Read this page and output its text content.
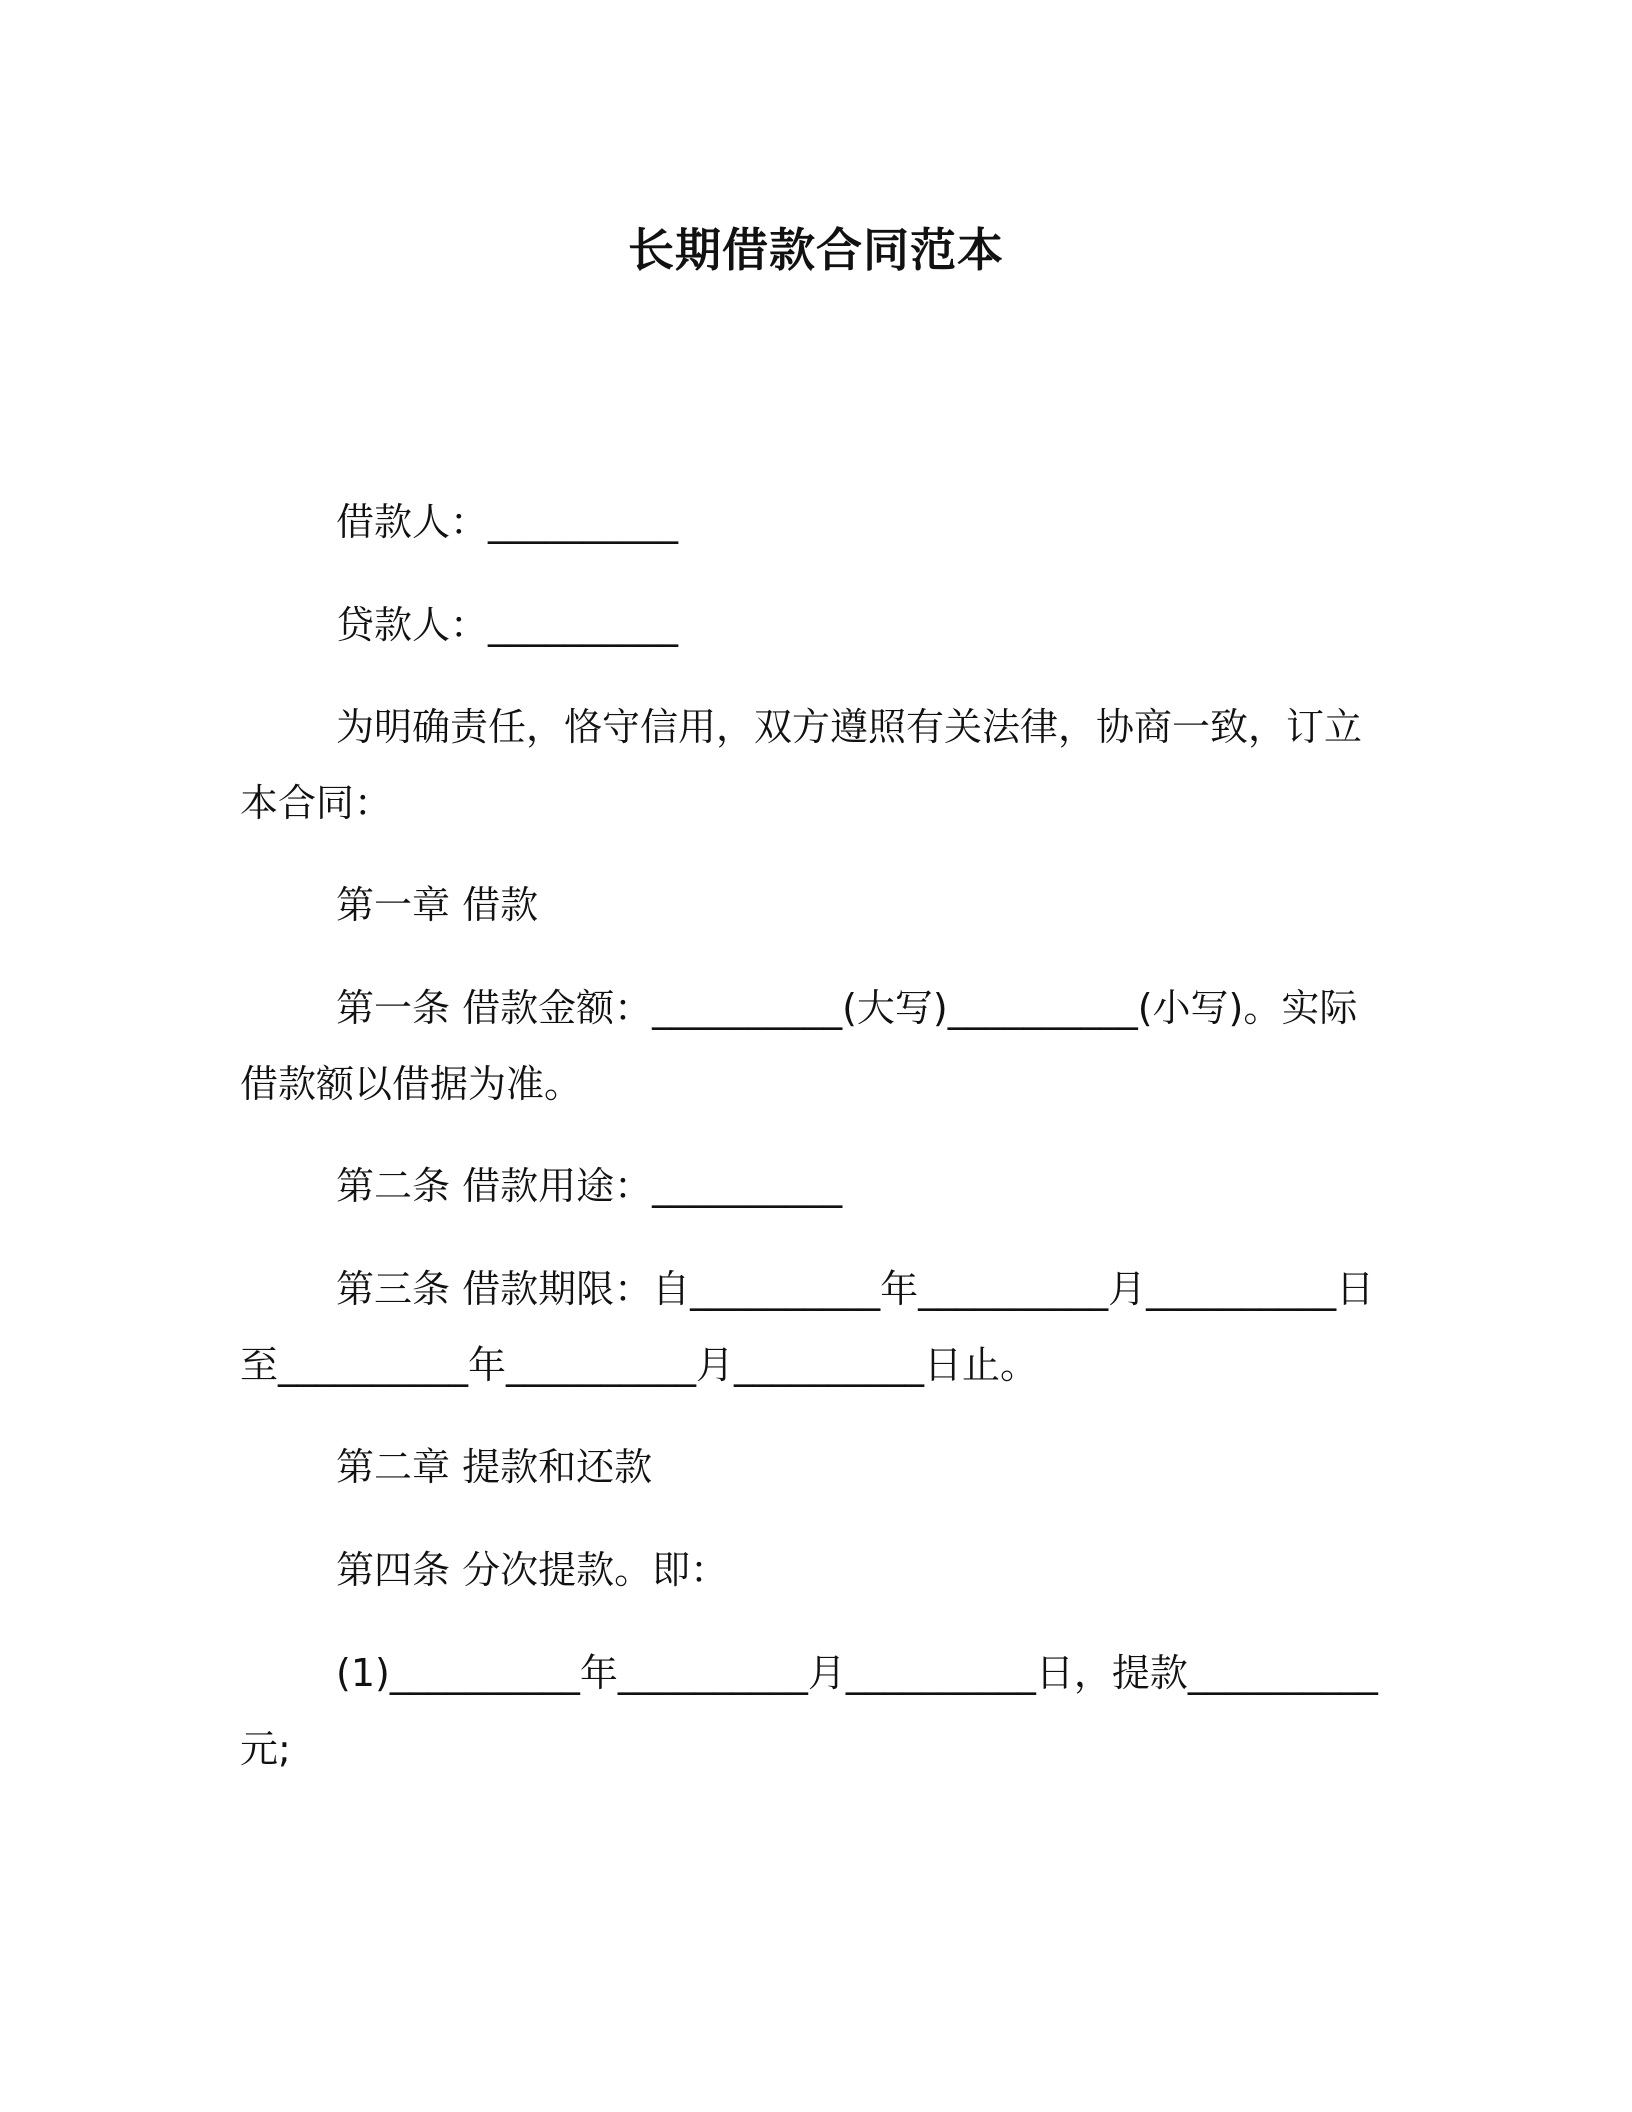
长期借款合同范本

借款人：__________

贷款人：__________

为明确责任，恪守信用，双方遵照有关法律，协商一致，订立本合同：

第一章 借款

第一条 借款金额：__________(大写)__________(小写)。实际借款额以借据为准。

第二条 借款用途：__________

第三条 借款期限：自__________年__________月__________日至__________年__________月__________日止。

第二章 提款和还款

第四条 分次提款。即：

(1)__________年__________月__________日，提款__________元;
